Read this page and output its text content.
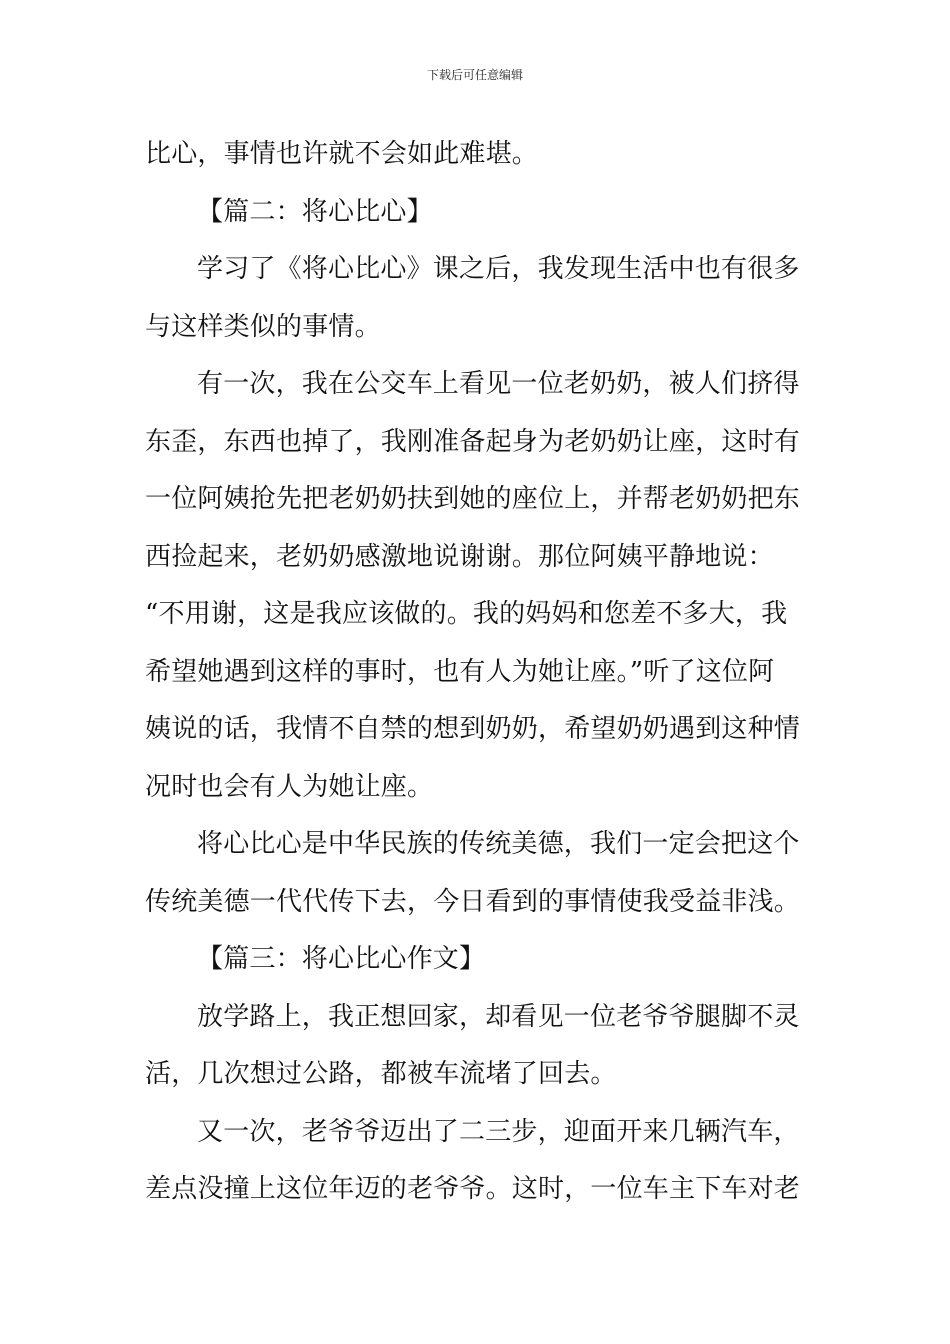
下载后可任意编辑

比心，事情也许就不会如此难堪。

【篇二：将心比心】

学习了《将心比心》课之后，我发现生活中也有很多

与这样类似的事情。

有一次，我在公交车上看见一位老奶奶，被人们挤得

东歪，东西也掉了，我刚准备起身为老奶奶让座，这时有

一位阿姨抢先把老奶奶扶到她的座位上，并帮老奶奶把东

西捡起来，老奶奶感激地说谢谢。那位阿姨平静地说：

“不用谢，这是我应该做的。我的妈妈和您差不多大，我

希望她遇到这样的事时，也有人为她让座。”听了这位阿

姨说的话，我情不自禁的想到奶奶，希望奶奶遇到这种情

况时也会有人为她让座。

将心比心是中华民族的传统美德，我们一定会把这个

传统美德一代代传下去，今日看到的事情使我受益非浅。

【篇三：将心比心作文】

放学路上，我正想回家，却看见一位老爷爷腿脚不灵

活，几次想过公路，都被车流堵了回去。

又一次，老爷爷迈出了二三步，迎面开来几辆汽车，

差点没撞上这位年迈的老爷爷。这时，一位车主下车对老
